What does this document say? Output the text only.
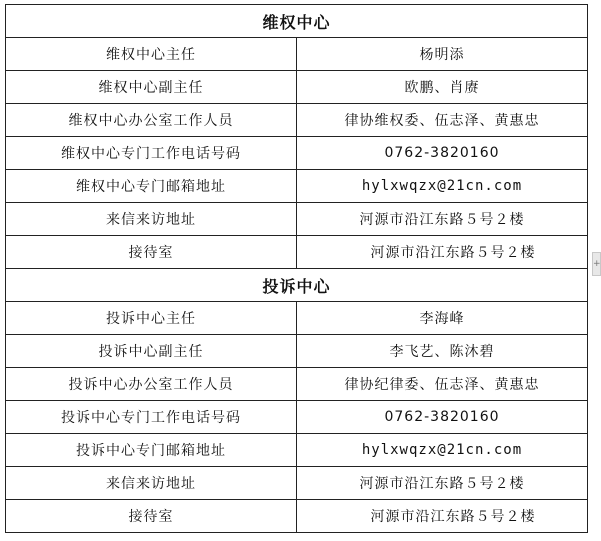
维权中心	
维权中心主任	杨明添
维权中心副主任	欧鹏、肖赓
维权中心办公室工作人员	律协维权委、伍志泽、黄惠忠
维权中心专门工作电话号码	0762-3820160
维权中心专门邮箱地址	hylxwqzx@21cn.com
来信来访地址	河源市沿江东路５号２楼
接待室	河源市沿江东路５号２楼
投诉中心	
投诉中心主任	李海峰
投诉中心副主任	李飞艺、陈沐碧
投诉中心办公室工作人员	律协纪律委、伍志泽、黄惠忠
投诉中心专门工作电话号码	0762-3820160
投诉中心专门邮箱地址	hylxwqzx@21cn.com
来信来访地址	河源市沿江东路５号２楼
接待室	河源市沿江东路５号２楼
+
